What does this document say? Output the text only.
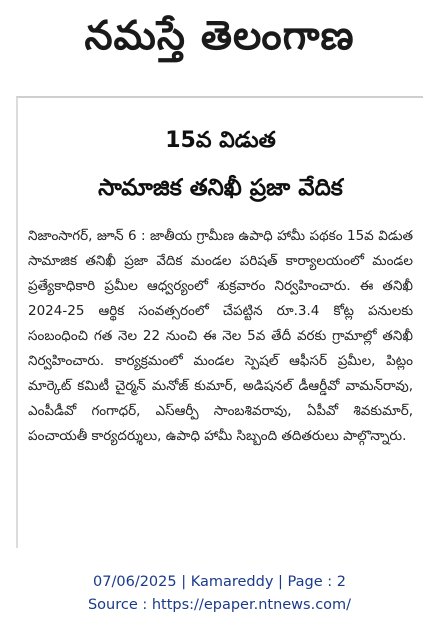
నమస్తే తెలంగాణ
15వ విడుత
సామాజిక తనిఖీ ప్రజా వేదిక

నిజాంసాగర్, జూన్ 6 : జాతీయ గ్రామీణ ఉపాధి హామీ పథకం 15వ విడుత సామాజిక తనిఖీ ప్రజా వేదిక మండల పరిషత్ కార్యాలయంలో మండల ప్రత్యేకాధికారి ప్రమీల ఆధ్వర్యంలో శుక్రవారం నిర్వహించారు. ఈ తనిఖీ 2024-25 ఆర్థిక సంవత్సరంలో చేపట్టిన రూ.3.4 కోట్ల పనులకు సంబంధించి గత నెల 22 నుంచి ఈ నెల 5వ తేదీ వరకు గ్రామాల్లో తనిఖీ నిర్వహించారు. కార్యక్రమంలో మండల స్పెషల్ ఆఫీసర్ ప్రమీల, పిట్లం మార్కెట్ కమిటీ చైర్మన్ మనోజ్ కుమార్, అడిషనల్ డీఆర్డీవో వామన్‌రావు, ఎంపీడీవో గంగాధర్, ఎస్ఆర్పీ సాంబశివరావు, ఏపీవో శివకుమార్, పంచాయతీ కార్యదర్శులు, ఉపాధి హామీ సిబ్బంది తదితరులు పాల్గొన్నారు.

07/06/2025 | Kamareddy | Page : 2
Source : https://epaper.ntnews.com/
